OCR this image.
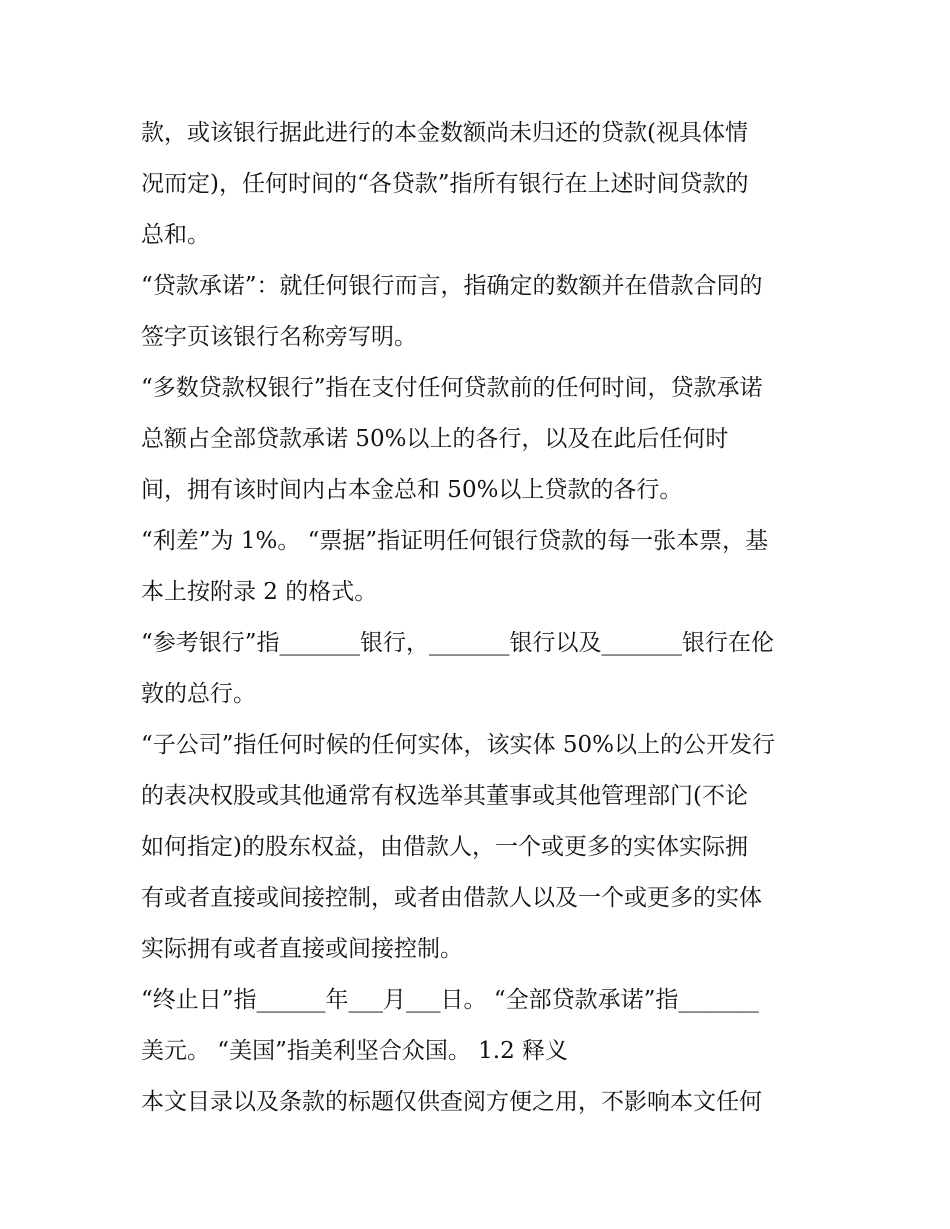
款，或该银行据此进行的本金数额尚未归还的贷款(视具体情
况而定)，任何时间的“各贷款”指所有银行在上述时间贷款的
总和。
“贷款承诺”：就任何银行而言，指确定的数额并在借款合同的
签字页该银行名称旁写明。
“多数贷款权银行”指在支付任何贷款前的任何时间，贷款承诺
总额占全部贷款承诺 50%以上的各行，以及在此后任何时
间，拥有该时间内占本金总和 50%以上贷款的各行。
“利差”为 1%。 “票据”指证明任何银行贷款的每一张本票，基
本上按附录 2 的格式。
“参考银行”指_______银行，_______银行以及_______银行在伦
敦的总行。
“子公司”指任何时候的任何实体，该实体 50%以上的公开发行
的表决权股或其他通常有权选举其董事或其他管理部门(不论
如何指定)的股东权益，由借款人，一个或更多的实体实际拥
有或者直接或间接控制，或者由借款人以及一个或更多的实体
实际拥有或者直接或间接控制。
“终止日”指______年___月___日。 “全部贷款承诺”指_______
美元。 “美国”指美利坚合众国。 1.2 释义
本文目录以及条款的标题仅供查阅方便之用，不影响本文任何
